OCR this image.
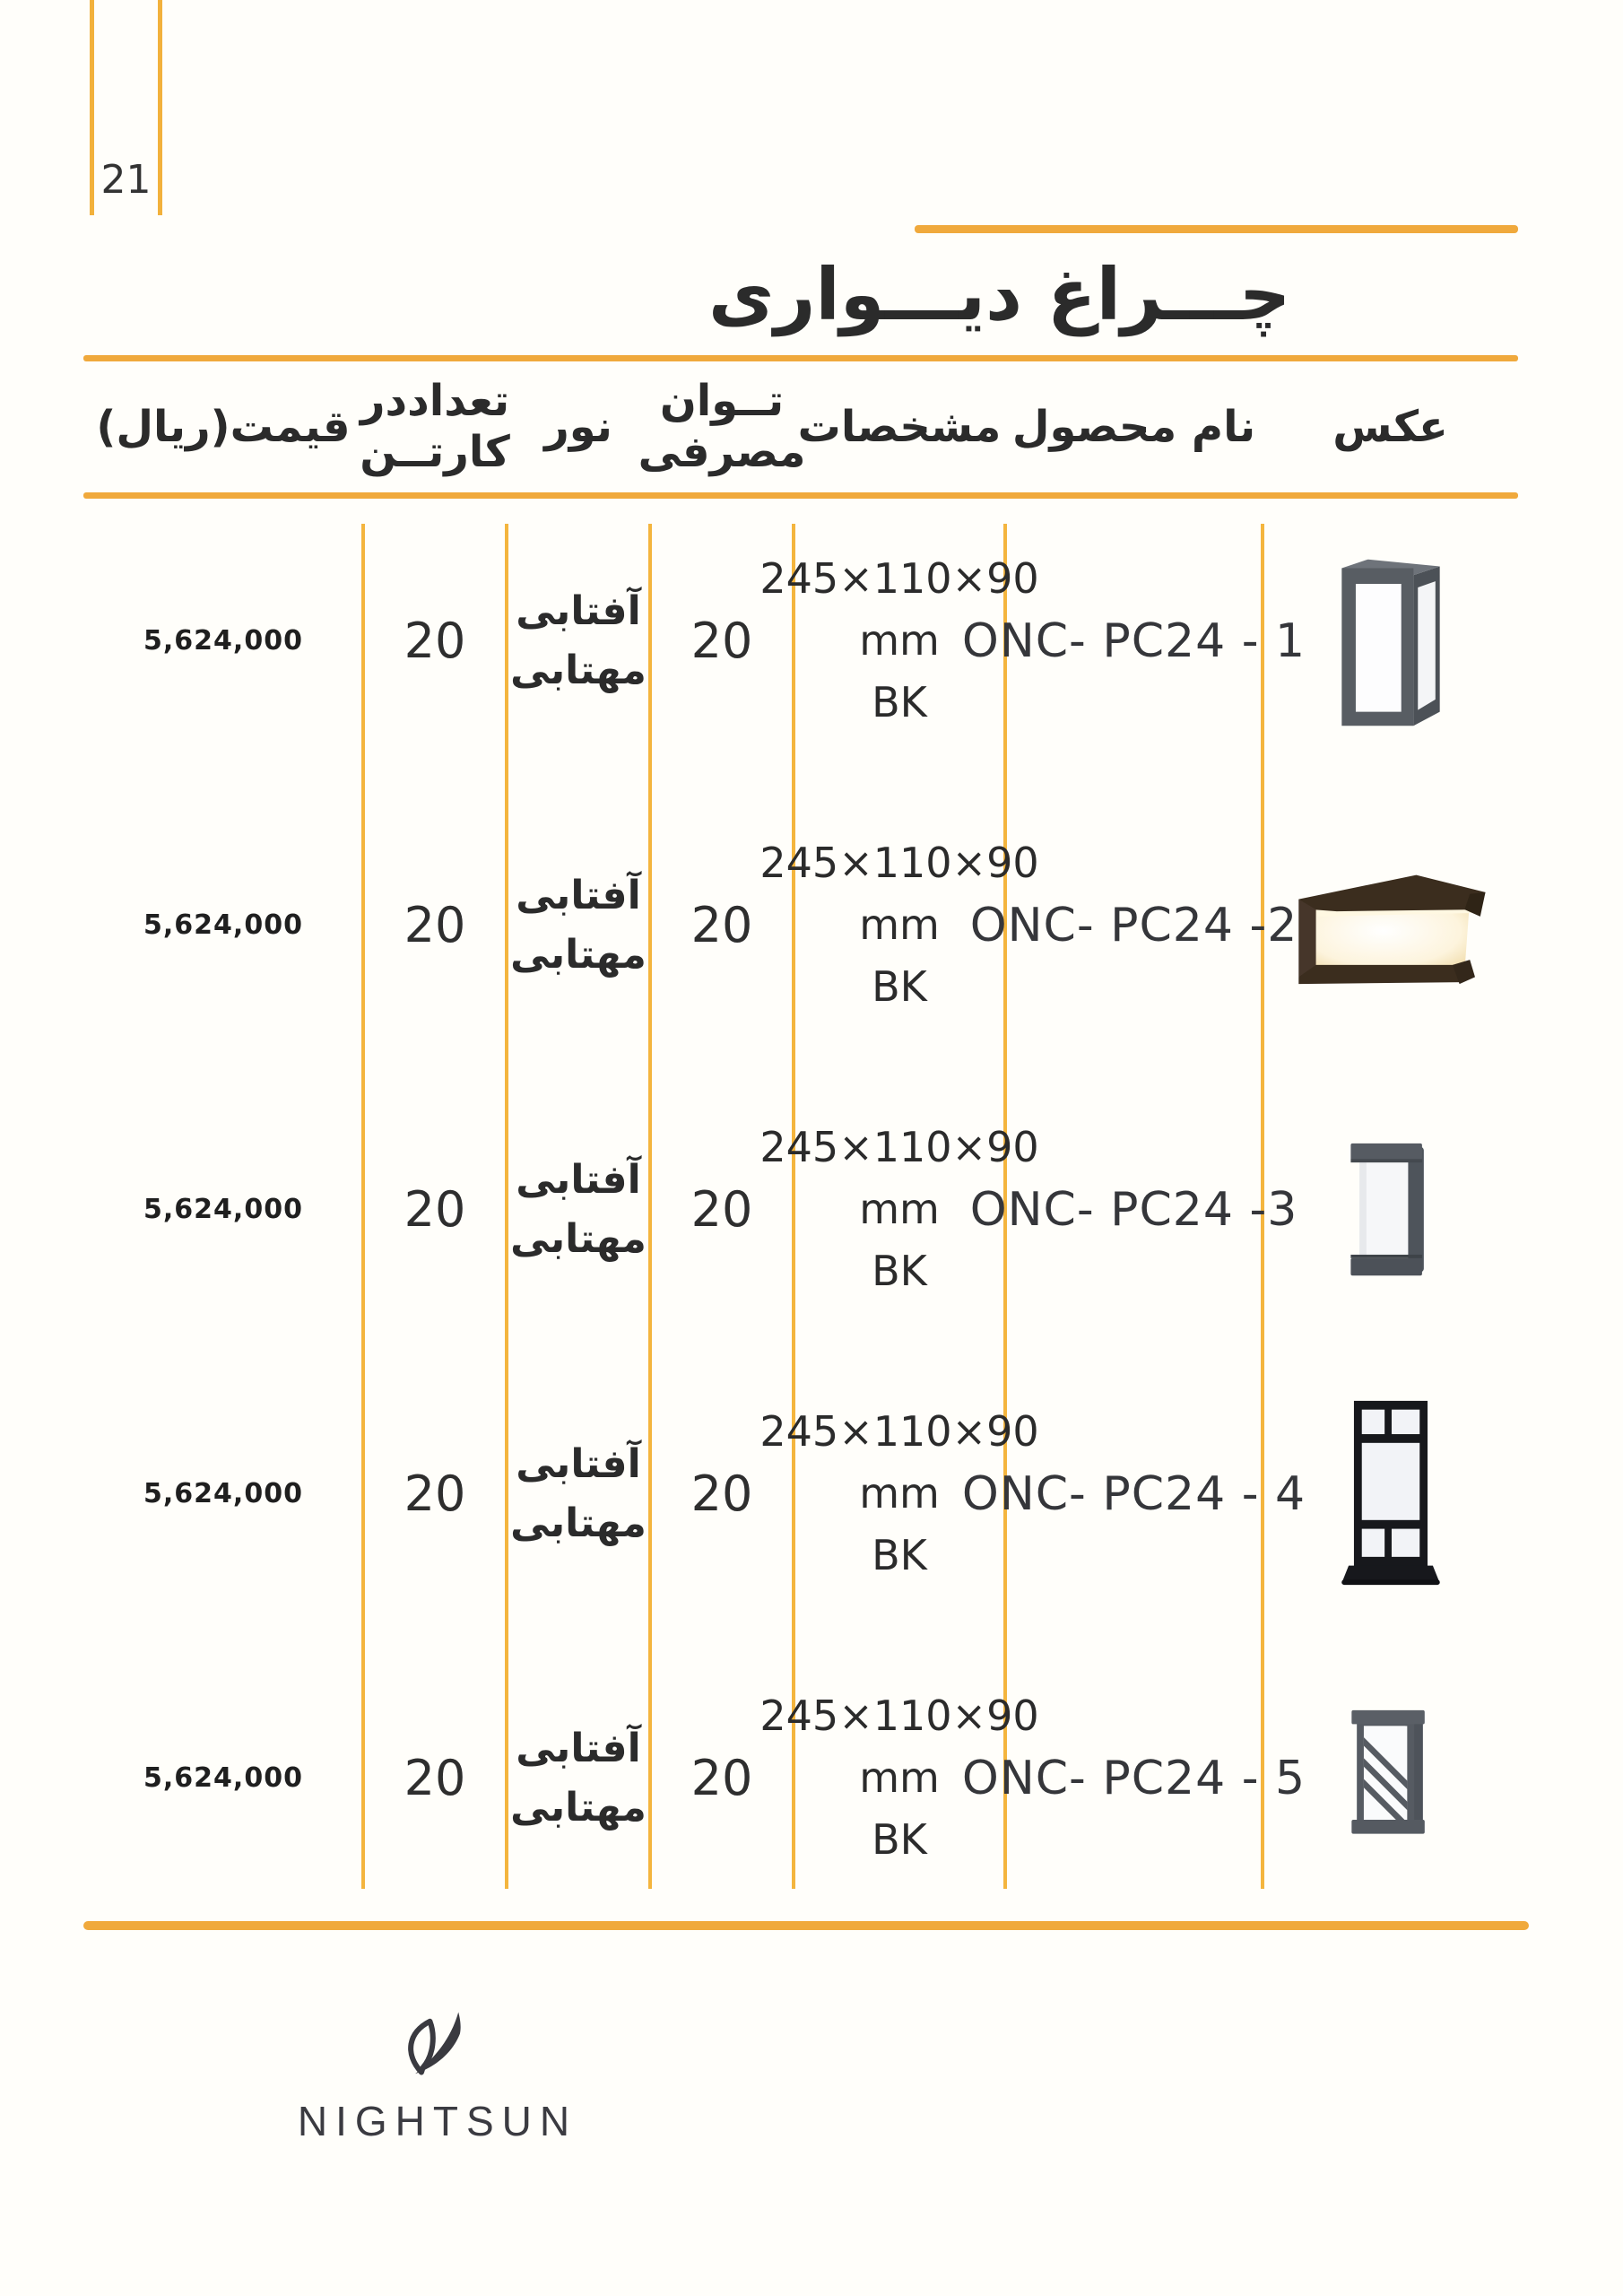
21
چـــراغ دیـــواری
قیمت(ریال)
تعداددر
کارتــن
نور
تــوان
مصرفی
مشخصات نام محصول عکس
5,624,000 20
آفتابی
مهتابی
20
245×110×90
mm
BK
ONC- PC24 - 1
5,624,000 20
آفتابی
مهتابی
20
245×110×90
mm
BK
ONC- PC24 -2
5,624,000 20
آفتابی
مهتابی
20
245×110×90
mm
BK
ONC- PC24 -3
5,624,000 20
آفتابی
مهتابی
20
245×110×90
mm
BK
ONC- PC24 - 4
5,624,000 20
آفتابی
مهتابی
20
245×110×90
mm
BK
ONC- PC24 - 5
NIGHTSUN
